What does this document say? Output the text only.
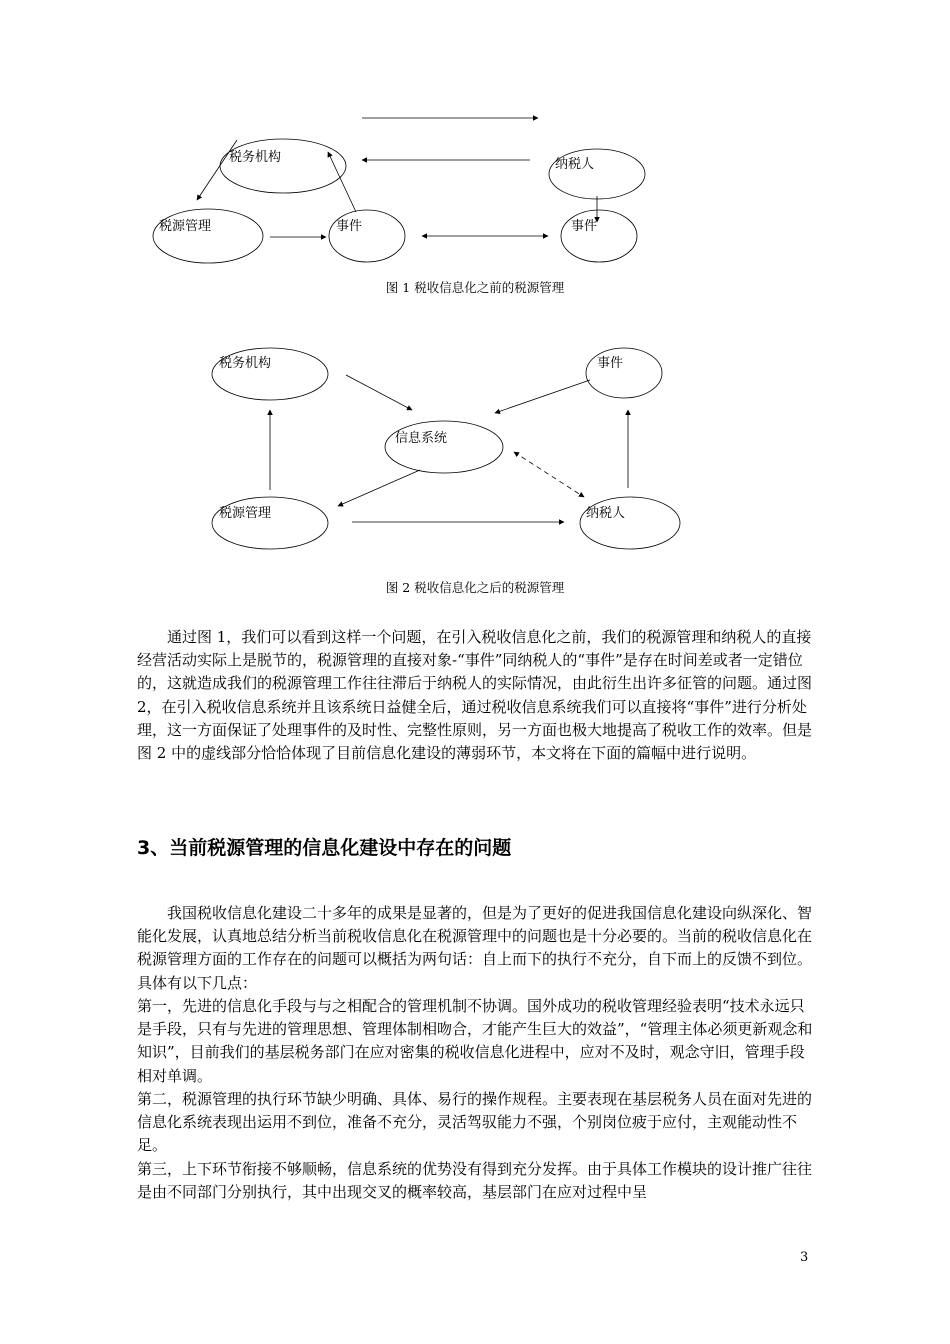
税务机构	纳税人
税源管理	事件	事件
图 1 税收信息化之前的税源管理
税务机构	事件
信息系统
税源管理	纳税人
图 2 税收信息化之后的税源管理

通过图 1，我们可以看到这样一个问题，在引入税收信息化之前，我们的税源管理和纳税人的直接经营活动实际上是脱节的，税源管理的直接对象-“事件”同纳税人的“事件”是存在时间差或者一定错位的，这就造成我们的税源管理工作往往滞后于纳税人的实际情况，由此衍生出许多征管的问题。通过图 2，在引入税收信息系统并且该系统日益健全后，通过税收信息系统我们可以直接将“事件”进行分析处理，这一方面保证了处理事件的及时性、完整性原则，另一方面也极大地提高了税收工作的效率。但是图 2 中的虚线部分恰恰体现了目前信息化建设的薄弱环节，本文将在下面的篇幅中进行说明。

3、当前税源管理的信息化建设中存在的问题

我国税收信息化建设二十多年的成果是显著的，但是为了更好的促进我国信息化建设向纵深化、智能化发展，认真地总结分析当前税收信息化在税源管理中的问题也是十分必要的。当前的税收信息化在税源管理方面的工作存在的问题可以概括为两句话：自上而下的执行不充分，自下而上的反馈不到位。具体有以下几点：

第一，先进的信息化手段与与之相配合的管理机制不协调。国外成功的税收管理经验表明“技术永远只是手段，只有与先进的管理思想、管理体制相吻合，才能产生巨大的效益”，“管理主体必须更新观念和知识”，目前我们的基层税务部门在应对密集的税收信息化进程中，应对不及时，观念守旧，管理手段相对单调。

第二，税源管理的执行环节缺少明确、具体、易行的操作规程。主要表现在基层税务人员在面对先进的信息化系统表现出运用不到位，准备不充分，灵活驾驭能力不强，个别岗位疲于应付，主观能动性不足。

第三，上下环节衔接不够顺畅，信息系统的优势没有得到充分发挥。由于具体工作模块的设计推广往往是由不同部门分别执行，其中出现交叉的概率较高，基层部门在应对过程中呈

3
